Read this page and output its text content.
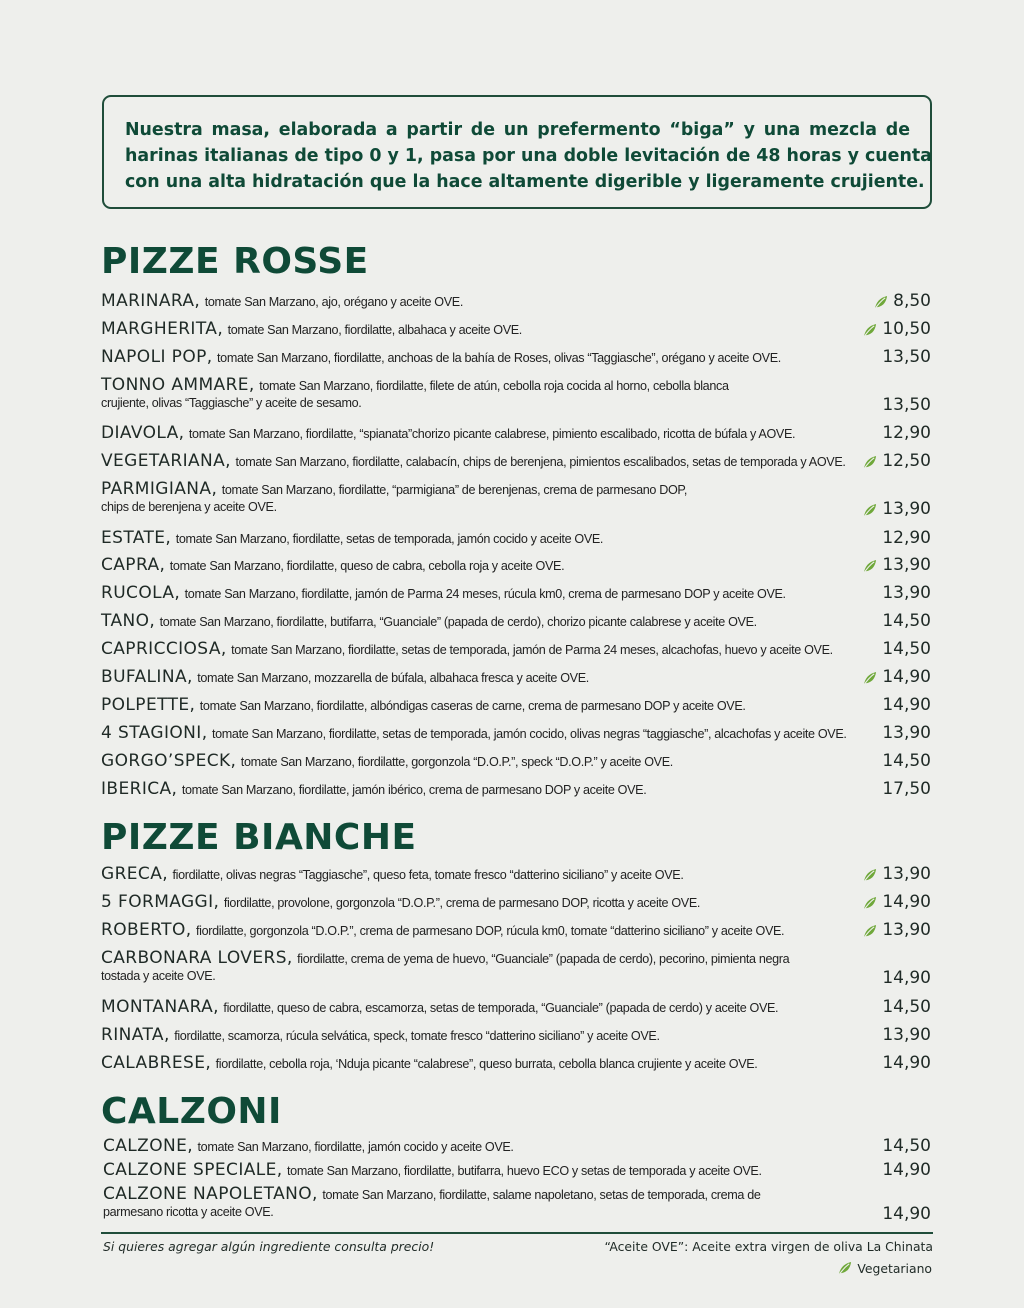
Nuestra masa, elaborada a partir de un prefermento “biga” y una mezcla de
harinas italianas de tipo 0 y 1, pasa por una doble levitación de 48 horas y cuenta
con una alta hidratación que la hace altamente digerible y ligeramente crujiente.
PIZZE ROSSE
MARINARA, tomate San Marzano, ajo, orégano y aceite OVE.	8,50
MARGHERITA, tomate San Marzano, fiordilatte, albahaca y aceite OVE.	10,50
NAPOLI POP, tomate San Marzano, fiordilatte, anchoas de la bahía de Roses, olivas “Taggiasche”, orégano y aceite OVE.	13,50
TONNO AMMARE, tomate San Marzano, fiordilatte, filete de atún, cebolla roja cocida al horno, cebolla blanca
crujiente, olivas “Taggiasche” y aceite de sesamo.	13,50
DIAVOLA, tomate San Marzano, fiordilatte, “spianata”chorizo picante calabrese, pimiento escalibado, ricotta de búfala y AOVE.	12,90
VEGETARIANA, tomate San Marzano, fiordilatte, calabacín, chips de berenjena, pimientos escalibados, setas de temporada y AOVE.	12,50
PARMIGIANA, tomate San Marzano, fiordilatte, “parmigiana” de berenjenas, crema de parmesano DOP,
chips de berenjena y aceite OVE.	13,90
ESTATE, tomate San Marzano, fiordilatte, setas de temporada, jamón cocido y aceite OVE.	12,90
CAPRA, tomate San Marzano, fiordilatte, queso de cabra, cebolla roja y aceite OVE.	13,90
RUCOLA, tomate San Marzano, fiordilatte, jamón de Parma 24 meses, rúcula km0, crema de parmesano DOP y aceite OVE.	13,90
TANO, tomate San Marzano, fiordilatte, butifarra, “Guanciale” (papada de cerdo), chorizo picante calabrese y aceite OVE.	14,50
CAPRICCIOSA, tomate San Marzano, fiordilatte, setas de temporada, jamón de Parma 24 meses, alcachofas, huevo y aceite OVE.	14,50
BUFALINA, tomate San Marzano, mozzarella de búfala, albahaca fresca y aceite OVE.	14,90
POLPETTE, tomate San Marzano, fiordilatte, albóndigas caseras de carne, crema de parmesano DOP y aceite OVE.	14,90
4 STAGIONI, tomate San Marzano, fiordilatte, setas de temporada, jamón cocido, olivas negras “taggiasche”, alcachofas y aceite OVE.	13,90
GORGO’SPECK, tomate San Marzano, fiordilatte, gorgonzola “D.O.P.”, speck “D.O.P.” y aceite OVE.	14,50
IBERICA, tomate San Marzano, fiordilatte, jamón ibérico, crema de parmesano DOP y aceite OVE.	17,50
PIZZE BIANCHE
GRECA, fiordilatte, olivas negras “Taggiasche”, queso feta, tomate fresco “datterino siciliano” y aceite OVE.	13,90
5 FORMAGGI, fiordilatte, provolone, gorgonzola “D.O.P.”, crema de parmesano DOP, ricotta y aceite OVE.	14,90
ROBERTO, fiordilatte, gorgonzola “D.O.P.”, crema de parmesano DOP, rúcula km0, tomate “datterino siciliano” y aceite OVE.	13,90
CARBONARA LOVERS, fiordilatte, crema de yema de huevo, “Guanciale” (papada de cerdo), pecorino, pimienta negra
tostada y aceite OVE.	14,90
MONTANARA, fiordilatte, queso de cabra, escamorza, setas de temporada, “Guanciale” (papada de cerdo) y aceite OVE.	14,50
RINATA, fiordilatte, scamorza, rúcula selvática, speck, tomate fresco “datterino siciliano” y aceite OVE.	13,90
CALABRESE, fiordilatte, cebolla roja, ‘Nduja picante “calabrese”, queso burrata, cebolla blanca crujiente y aceite OVE.	14,90
CALZONI
CALZONE, tomate San Marzano, fiordilatte, jamón cocido y aceite OVE.	14,50
CALZONE SPECIALE, tomate San Marzano, fiordilatte, butifarra, huevo ECO y setas de temporada y aceite OVE.	14,90
CALZONE NAPOLETANO, tomate San Marzano, fiordilatte, salame napoletano, setas de temporada, crema de
parmesano ricotta y aceite OVE.	14,90
Si quieres agregar algún ingrediente consulta precio!	“Aceite OVE”: Aceite extra virgen de oliva La Chinata
Vegetariano
